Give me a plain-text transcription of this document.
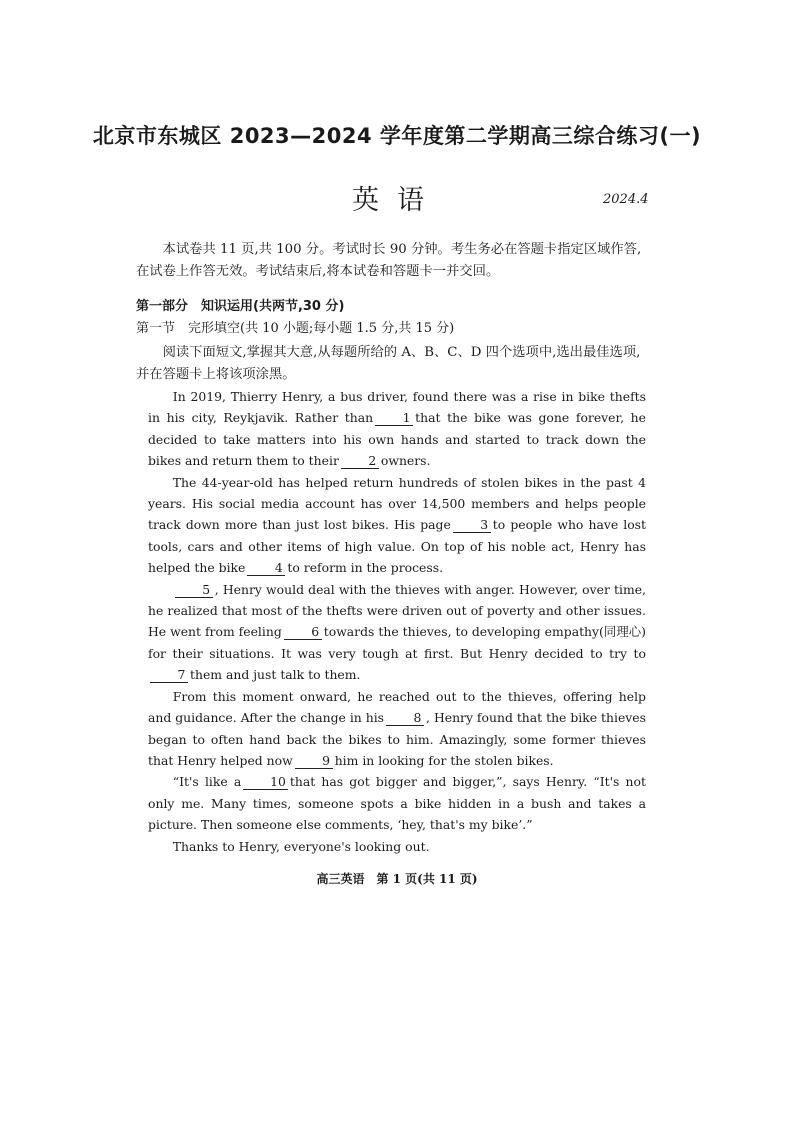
北京市东城区 2023—2024 学年度第二学期高三综合练习(一)
英语	2024.4
本试卷共 11 页,共 100 分。考试时长 90 分钟。考生务必在答题卡指定区域作答,在试卷上作答无效。考试结束后,将本试卷和答题卡一并交回。
第一部分　知识运用(共两节,30 分)
第一节　完形填空(共 10 小题;每小题 1.5 分,共 15 分)
阅读下面短文,掌握其大意,从每题所给的 A、B、C、D 四个选项中,选出最佳选项,并在答题卡上将该项涂黑。

In 2019, Thierry Henry, a bus driver, found there was a rise in bike thefts in his city, Reykjavik. Rather than 1 that the bike was gone forever, he decided to take matters into his own hands and started to track down the bikes and return them to their 2 owners.

The 44-year-old has helped return hundreds of stolen bikes in the past 4 years. His social media account has over 14,500 members and helps people track down more than just lost bikes. His page 3 to people who have lost tools, cars and other items of high value. On top of his noble act, Henry has helped the bike 4 to reform in the process.

5 , Henry would deal with the thieves with anger. However, over time, he realized that most of the thefts were driven out of poverty and other issues. He went from feeling 6 towards the thieves, to developing empathy(同理心) for their situations. It was very tough at first. But Henry decided to try to7 them and just talk to them.

From this moment onward, he reached out to the thieves, offering help and guidance. After the change in his 8 , Henry found that the bike thieves began to often hand back the bikes to him. Amazingly, some former thieves that Henry helped now 9 him in looking for the stolen bikes.

“It's like a 10 that has got bigger and bigger,”, says Henry. “It's not only me. Many times, someone spots a bike hidden in a bush and takes a picture. Then someone else comments, ‘hey, that's my bike’.”

Thanks to Henry, everyone's looking out.

高三英语　第 1 页(共 11 页)
